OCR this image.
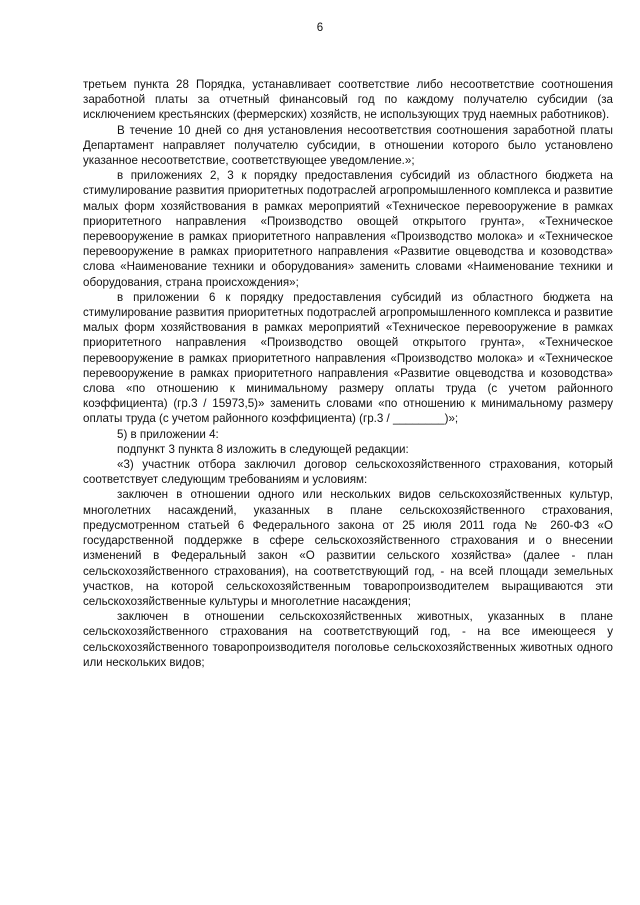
6

третьем пункта 28 Порядка, устанавливает соответствие либо несоответствие соотношения заработной платы за отчетный финансовый год по каждому получателю субсидии (за исключением крестьянских (фермерских) хозяйств, не использующих труд наемных работников).

В течение 10 дней со дня установления несоответствия соотношения заработной платы Департамент направляет получателю субсидии, в отношении которого было установлено указанное несоответствие, соответствующее уведомление.»;

в приложениях 2, 3 к порядку предоставления субсидий из областного бюджета на стимулирование развития приоритетных подотраслей агропромышленного комплекса и развитие малых форм хозяйствования в рамках мероприятий «Техническое перевооружение в рамках приоритетного направления «Производство овощей открытого грунта», «Техническое перевооружение в рамках приоритетного направления «Производство молока» и «Техническое перевооружение в рамках приоритетного направления «Развитие овцеводства и козоводства» слова «Наименование техники и оборудования» заменить словами «Наименование техники и оборудования, страна происхождения»;

в приложении 6 к порядку предоставления субсидий из областного бюджета на стимулирование развития приоритетных подотраслей агропромышленного комплекса и развитие малых форм хозяйствования в рамках мероприятий «Техническое перевооружение в рамках приоритетного направления «Производство овощей открытого грунта», «Техническое перевооружение в рамках приоритетного направления «Производство молока» и «Техническое перевооружение в рамках приоритетного направления «Развитие овцеводства и козоводства» слова «по отношению к минимальному размеру оплаты труда (с учетом районного коэффициента) (гр.3 / 15973,5)» заменить словами «по отношению к минимальному размеру оплаты труда (с учетом районного коэффициента) (гр.3 / ________)»;

5) в приложении 4:

подпункт 3 пункта 8 изложить в следующей редакции:

«3) участник отбора заключил договор сельскохозяйственного страхования, который соответствует следующим требованиям и условиям:

заключен в отношении одного или нескольких видов сельскохозяйственных культур, многолетних насаждений, указанных в плане сельскохозяйственного страхования, предусмотренном статьей 6 Федерального закона от 25 июля 2011 года № 260-ФЗ «О государственной поддержке в сфере сельскохозяйственного страхования и о внесении изменений в Федеральный закон «О развитии сельского хозяйства» (далее - план сельскохозяйственного страхования), на соответствующий год, - на всей площади земельных участков, на которой сельскохозяйственным товаропроизводителем выращиваются эти сельскохозяйственные культуры и многолетние насаждения;

заключен в отношении сельскохозяйственных животных, указанных в плане сельскохозяйственного страхования на соответствующий год, - на все имеющееся у сельскохозяйственного товаропроизводителя поголовье сельскохозяйственных животных одного или нескольких видов;
